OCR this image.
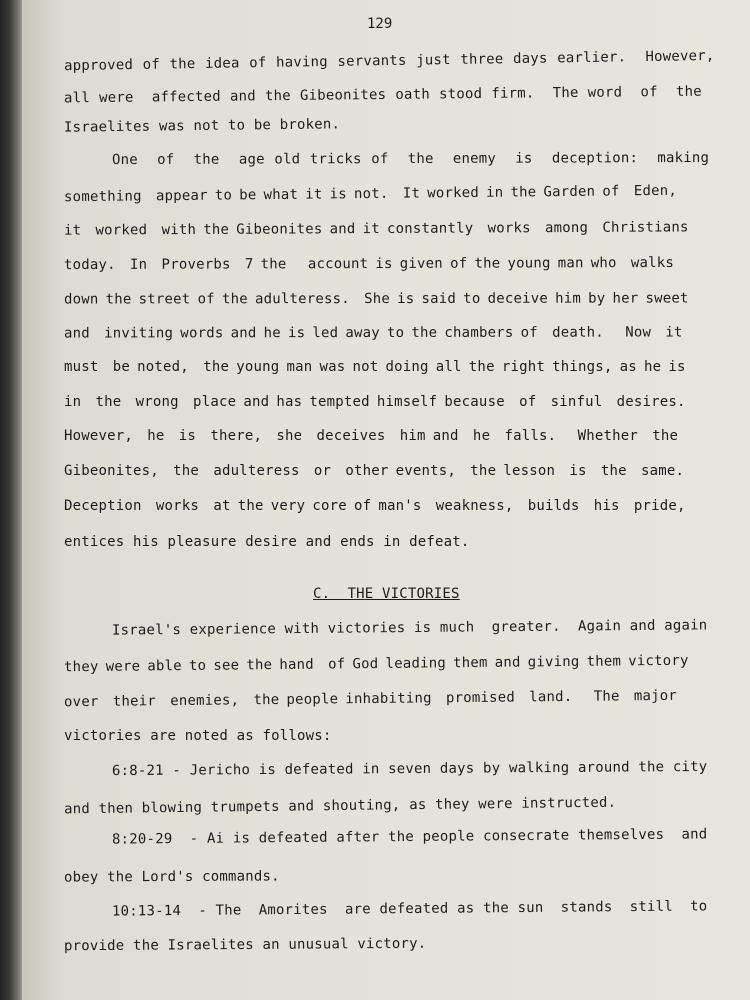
129
approved of the idea of having servants just three days earlier.  However,
all were  affected and the Gibeonites oath stood firm.  The word  of  the
Israelites was not to be broken.
One  of  the  age old tricks of  the  enemy  is  deception:  making
something  appear to be what it is not.  It worked in the Garden of  Eden,
it  worked  with the Gibeonites and it constantly  works  among  Christians
today.  In  Proverbs  7 the   account is given of the young man who  walks
down the street of the adulteress.  She is said to deceive him by her sweet
and  inviting words and he is led away to the chambers of  death.   Now  it
must  be noted,  the young man was not doing all the right things, as he is
in  the  wrong  place and has tempted himself because  of  sinful  desires.
However,  he  is  there,  she  deceives  him and  he  falls.   Whether  the
Gibeonites,  the  adulteress  or  other events,  the lesson  is  the  same.
Deception  works  at the very core of man's  weakness,  builds  his  pride,
entices his pleasure desire and ends in defeat.
C.  THE VICTORIES
Israel's experience with victories is much  greater.  Again and again
they were able to see the hand  of God leading them and giving them victory
over  their  enemies,  the people inhabiting  promised  land.   The  major
victories are noted as follows:
6:8-21 - Jericho is defeated in seven days by walking around the city
and then blowing trumpets and shouting, as they were instructed.
8:20-29  - Ai is defeated after the people consecrate themselves  and
obey the Lord's commands.
10:13-14  - The  Amorites  are defeated as the sun  stands  still  to
provide the Israelites an unusual victory.
